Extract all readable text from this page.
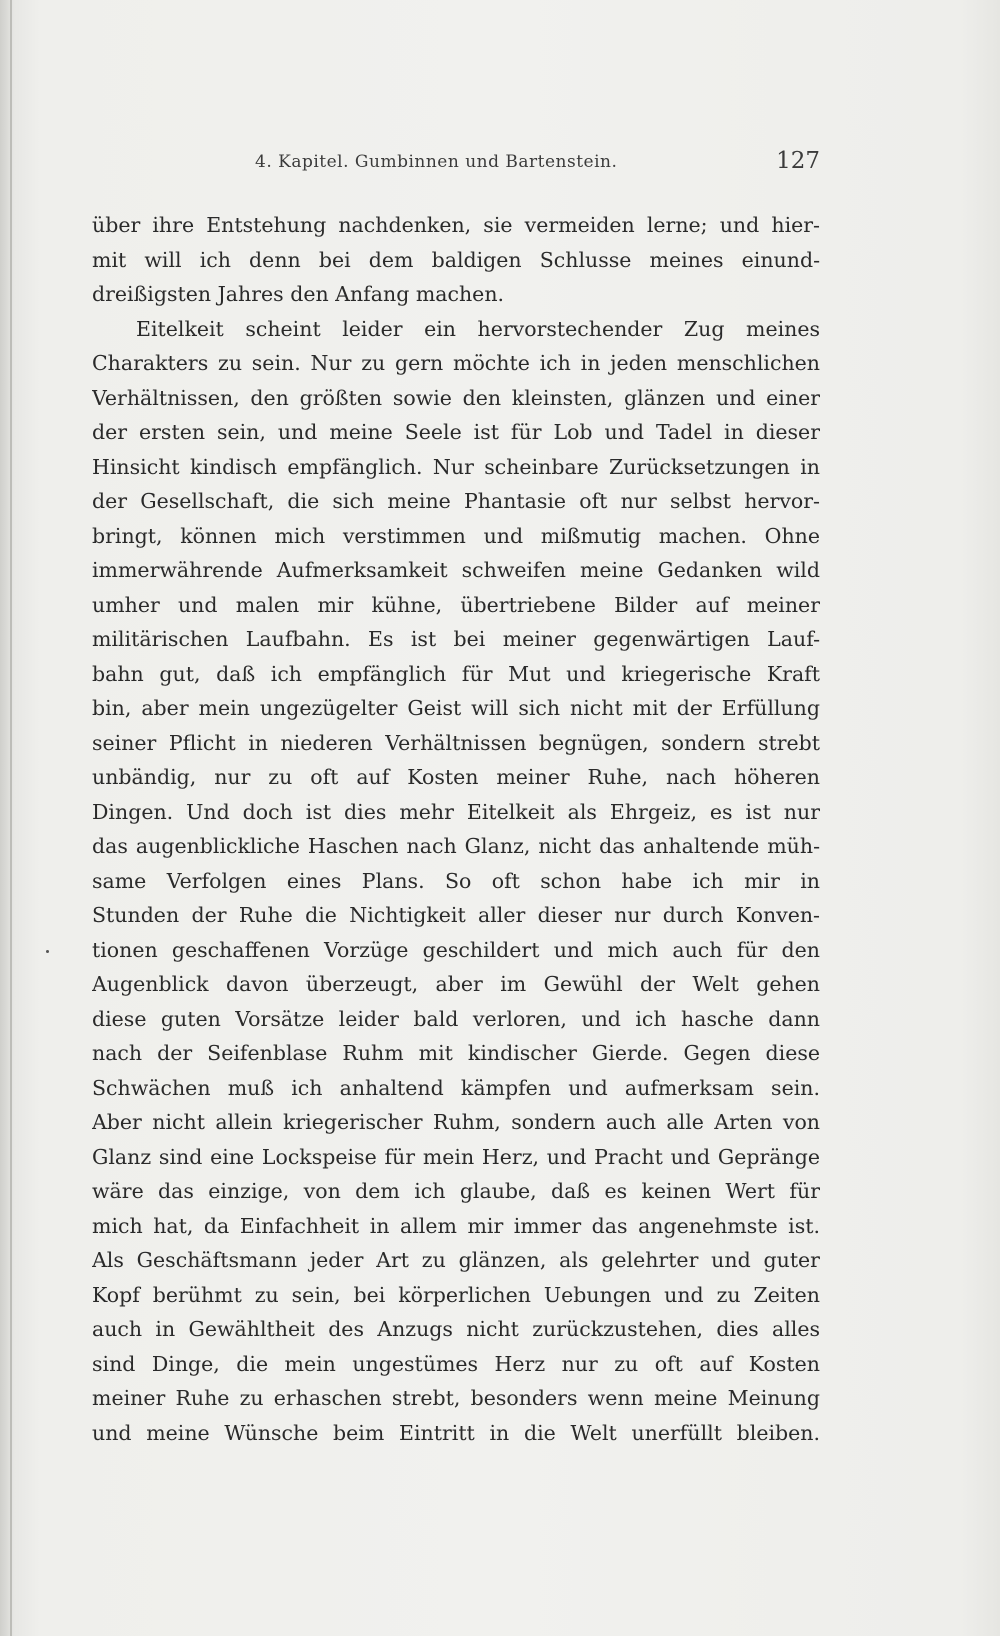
4. Kapitel. Gumbinnen und Bartenstein.	127
über ihre Entstehung nachdenken, sie vermeiden lerne; und hier-
mit will ich denn bei dem baldigen Schlusse meines einund-
dreißigsten Jahres den Anfang machen.
Eitelkeit scheint leider ein hervorstechender Zug meines
Charakters zu sein. Nur zu gern möchte ich in jeden menschlichen
Verhältnissen, den größten sowie den kleinsten, glänzen und einer
der ersten sein, und meine Seele ist für Lob und Tadel in dieser
Hinsicht kindisch empfänglich. Nur scheinbare Zurücksetzungen in
der Gesellschaft, die sich meine Phantasie oft nur selbst hervor-
bringt, können mich verstimmen und mißmutig machen. Ohne
immerwährende Aufmerksamkeit schweifen meine Gedanken wild
umher und malen mir kühne, übertriebene Bilder auf meiner
militärischen Laufbahn. Es ist bei meiner gegenwärtigen Lauf-
bahn gut, daß ich empfänglich für Mut und kriegerische Kraft
bin, aber mein ungezügelter Geist will sich nicht mit der Erfüllung
seiner Pflicht in niederen Verhältnissen begnügen, sondern strebt
unbändig, nur zu oft auf Kosten meiner Ruhe, nach höheren
Dingen. Und doch ist dies mehr Eitelkeit als Ehrgeiz, es ist nur
das augenblickliche Haschen nach Glanz, nicht das anhaltende müh-
same Verfolgen eines Plans. So oft schon habe ich mir in
Stunden der Ruhe die Nichtigkeit aller dieser nur durch Konven-
tionen geschaffenen Vorzüge geschildert und mich auch für den
Augenblick davon überzeugt, aber im Gewühl der Welt gehen
diese guten Vorsätze leider bald verloren, und ich hasche dann
nach der Seifenblase Ruhm mit kindischer Gierde. Gegen diese
Schwächen muß ich anhaltend kämpfen und aufmerksam sein.
Aber nicht allein kriegerischer Ruhm, sondern auch alle Arten von
Glanz sind eine Lockspeise für mein Herz, und Pracht und Gepränge
wäre das einzige, von dem ich glaube, daß es keinen Wert für
mich hat, da Einfachheit in allem mir immer das angenehmste ist.
Als Geschäftsmann jeder Art zu glänzen, als gelehrter und guter
Kopf berühmt zu sein, bei körperlichen Uebungen und zu Zeiten
auch in Gewähltheit des Anzugs nicht zurückzustehen, dies alles
sind Dinge, die mein ungestümes Herz nur zu oft auf Kosten
meiner Ruhe zu erhaschen strebt, besonders wenn meine Meinung
und meine Wünsche beim Eintritt in die Welt unerfüllt bleiben.
